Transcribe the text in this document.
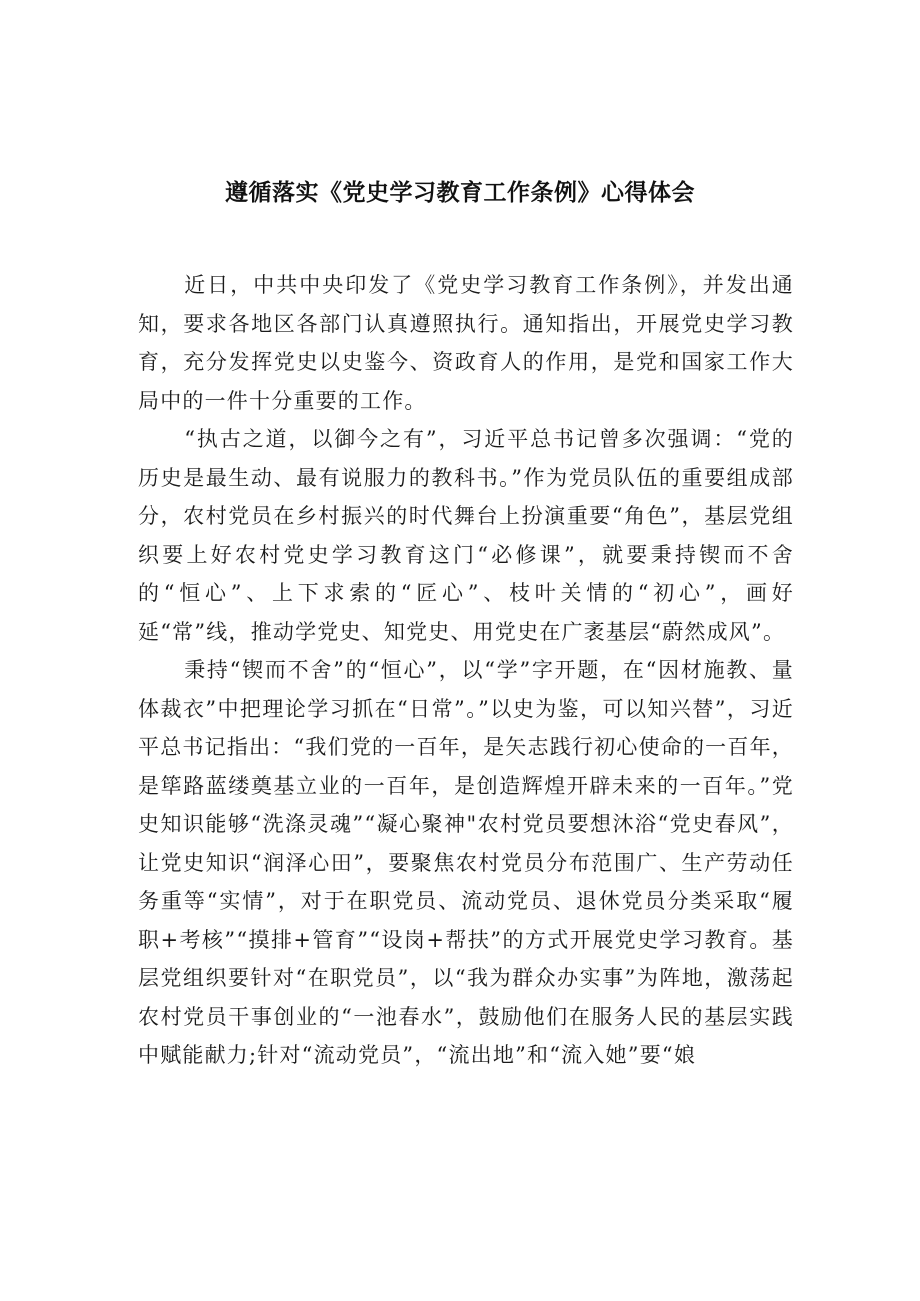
遵循落实《党史学习教育工作条例》心得体会

近日，中共中央印发了《党史学习教育工作条例》，并发出通知，要求各地区各部门认真遵照执行。通知指出，开展党史学习教育，充分发挥党史以史鉴今、资政育人的作用，是党和国家工作大局中的一件十分重要的工作。

“执古之道，以御今之有”，习近平总书记曾多次强调：“党的历史是最生动、最有说服力的教科书。”作为党员队伍的重要组成部分，农村党员在乡村振兴的时代舞台上扮演重要“角色”，基层党组织要上好农村党史学习教育这门“必修课”，就要秉持锲而不舍的“恒心”、上下求索的“匠心”、枝叶关情的“初心”，画好延“常”线，推动学党史、知党史、用党史在广袤基层“蔚然成风”。

秉持“锲而不舍”的“恒心”，以“学”字开题，在“因材施教、量体裁衣”中把理论学习抓在“日常”。”以史为鉴，可以知兴替”，习近平总书记指出：“我们党的一百年，是矢志践行初心使命的一百年，是筚路蓝缕奠基立业的一百年，是创造辉煌开辟未来的一百年。”党史知识能够“洗涤灵魂”“凝心聚神"农村党员要想沐浴“党史春风”，让党史知识“润泽心田”，要聚焦农村党员分布范围广、生产劳动任务重等“实情”，对于在职党员、流动党员、退休党员分类采取“履职+考核”“摸排+管育”“设岗+帮扶”的方式开展党史学习教育。基层党组织要针对“在职党员”，以“我为群众办实事”为阵地，激荡起农村党员干事创业的“一池春水”，鼓励他们在服务人民的基层实践中赋能献力;针对“流动党员”，“流出地”和“流入她”要“娘
